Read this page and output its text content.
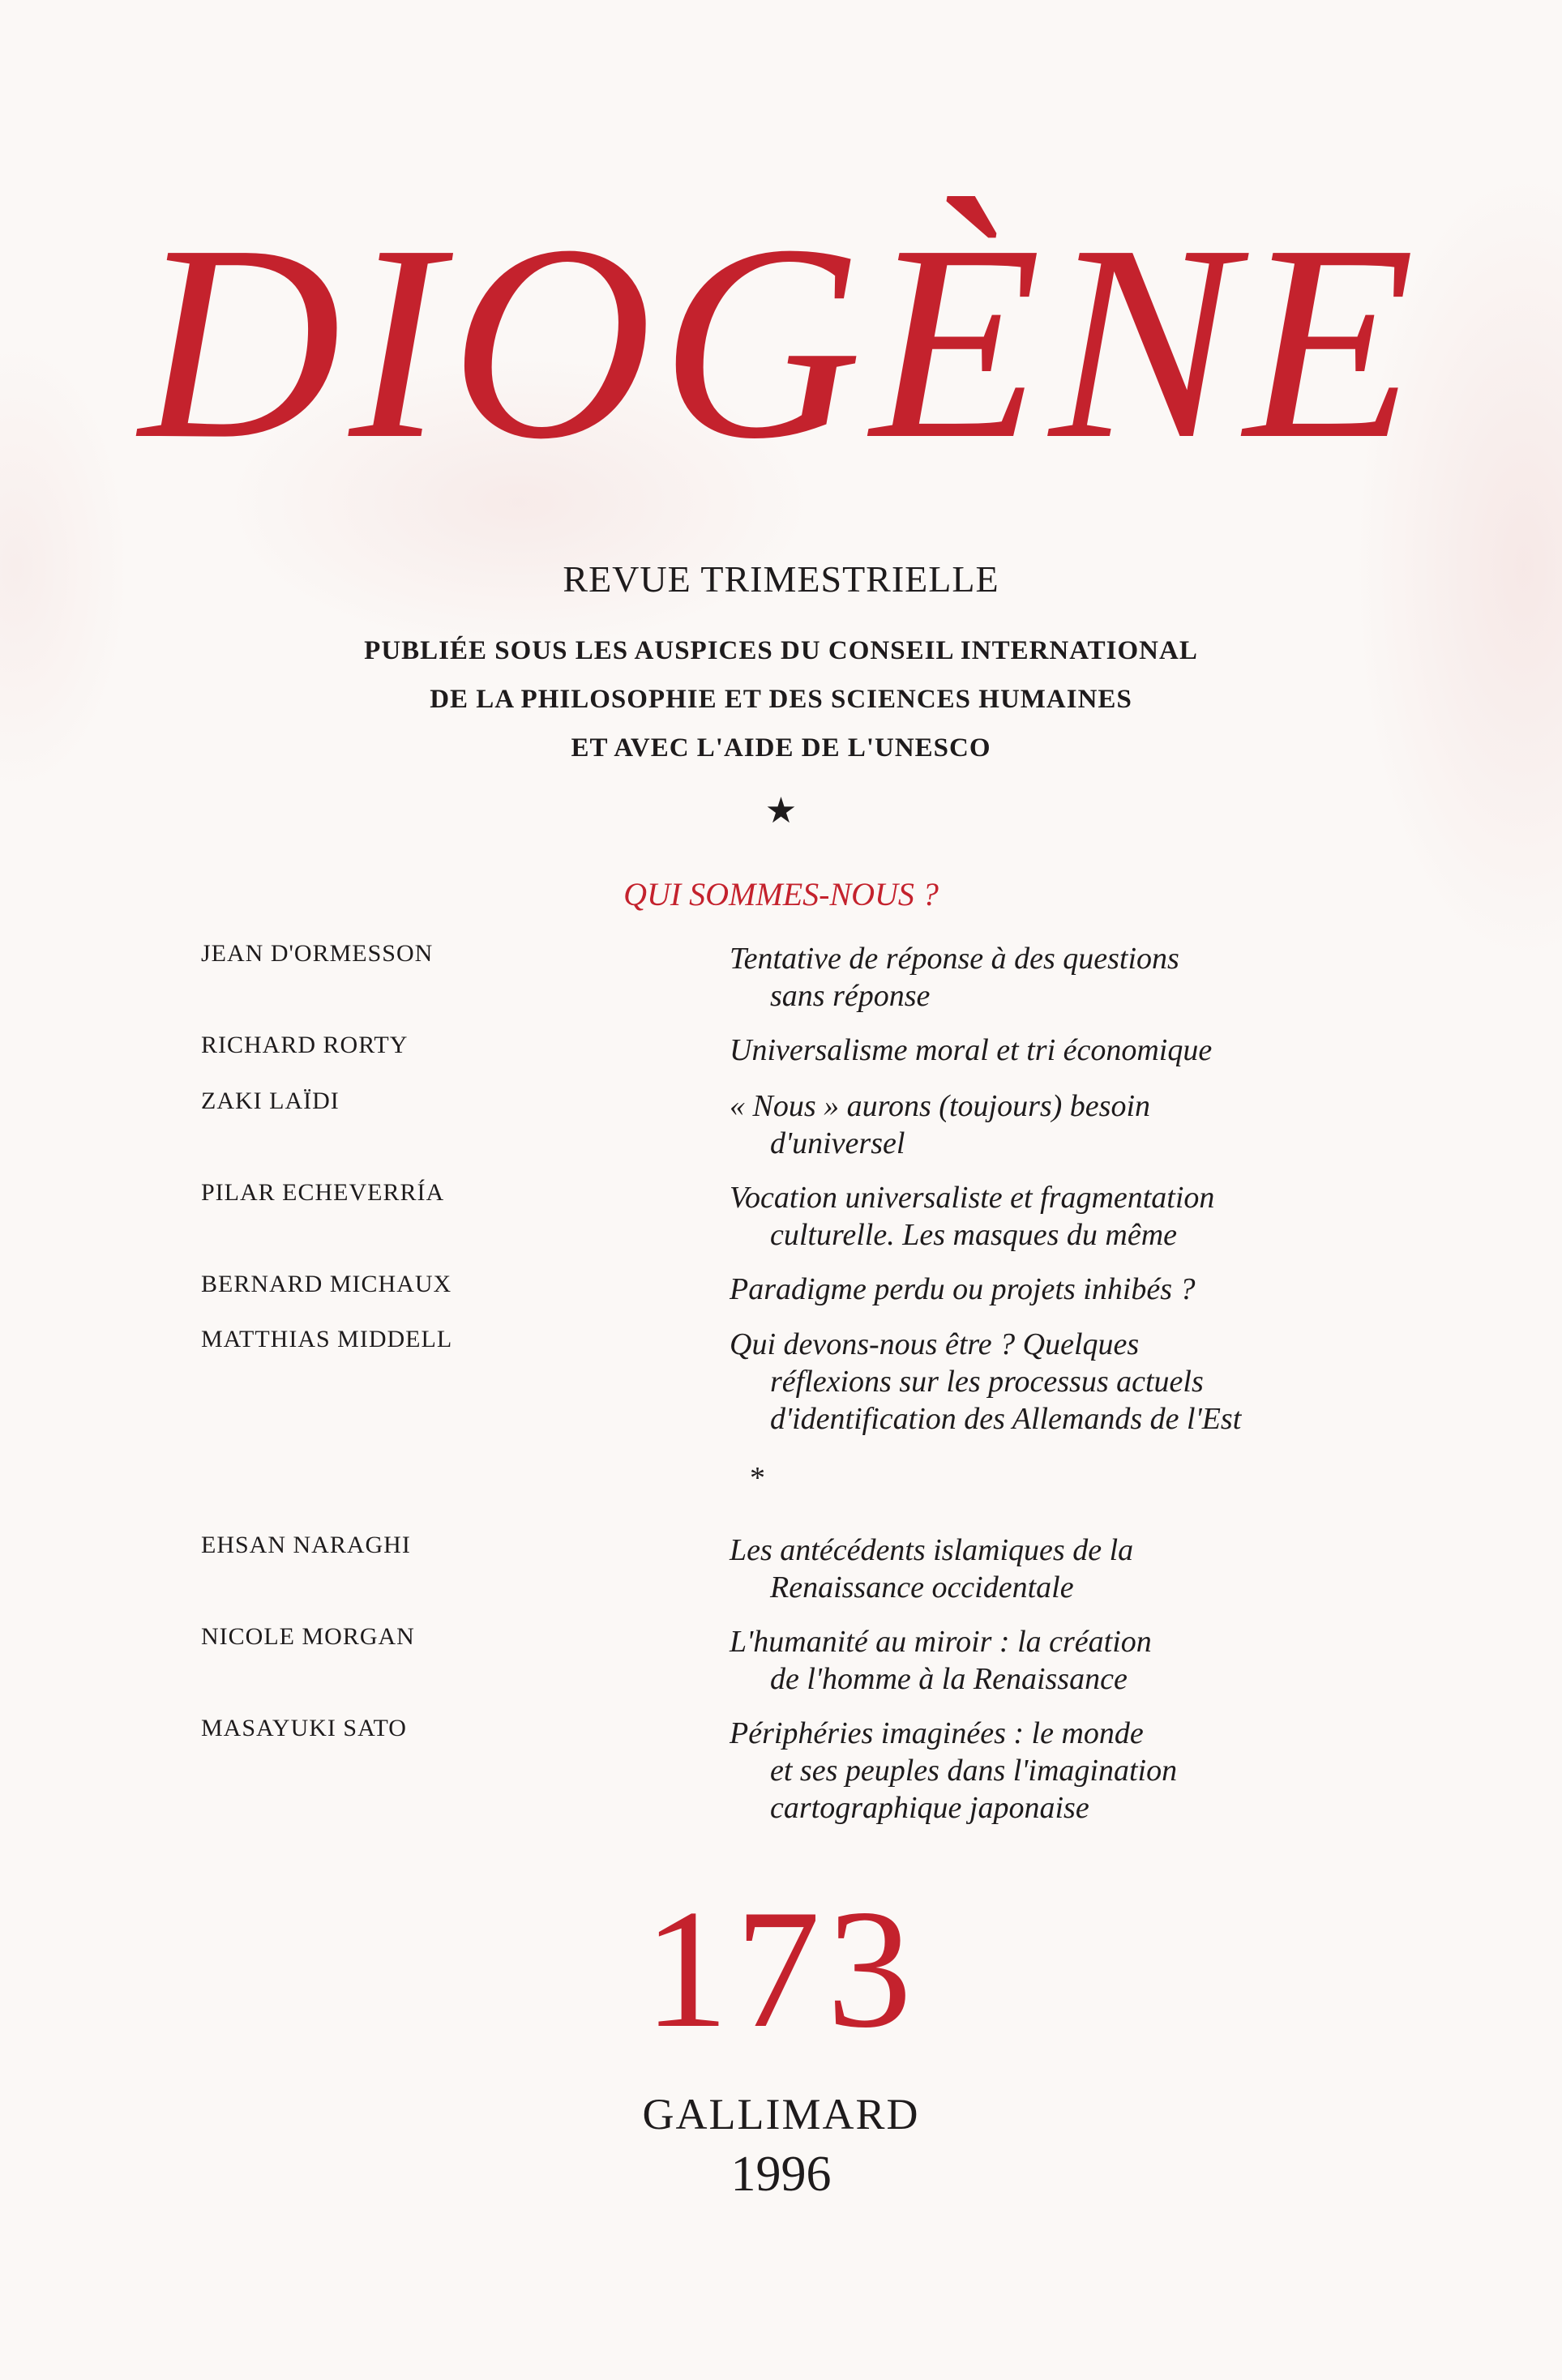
DIOGÈNE
REVUE TRIMESTRIELLE
PUBLIÉE SOUS LES AUSPICES DU CONSEIL INTERNATIONAL
DE LA PHILOSOPHIE ET DES SCIENCES HUMAINES
ET AVEC L'AIDE DE L'UNESCO
★
QUI SOMMES-NOUS ?
JEAN D'ORMESSON	Tentative de réponse à des questions
sans réponse
RICHARD RORTY	Universalisme moral et tri économique
ZAKI LAÏDI	« Nous » aurons (toujours) besoin
d'universel
PILAR ECHEVERRÍA	Vocation universaliste et fragmentation
culturelle. Les masques du même
BERNARD MICHAUX	Paradigme perdu ou projets inhibés ?
MATTHIAS MIDDELL	Qui devons-nous être ? Quelques
réflexions sur les processus actuels
d'identification des Allemands de l'Est
*
EHSAN NARAGHI	Les antécédents islamiques de la
Renaissance occidentale
NICOLE MORGAN	L'humanité au miroir : la création
de l'homme à la Renaissance
MASAYUKI SATO	Périphéries imaginées : le monde
et ses peuples dans l'imagination
cartographique japonaise
173
GALLIMARD
1996
